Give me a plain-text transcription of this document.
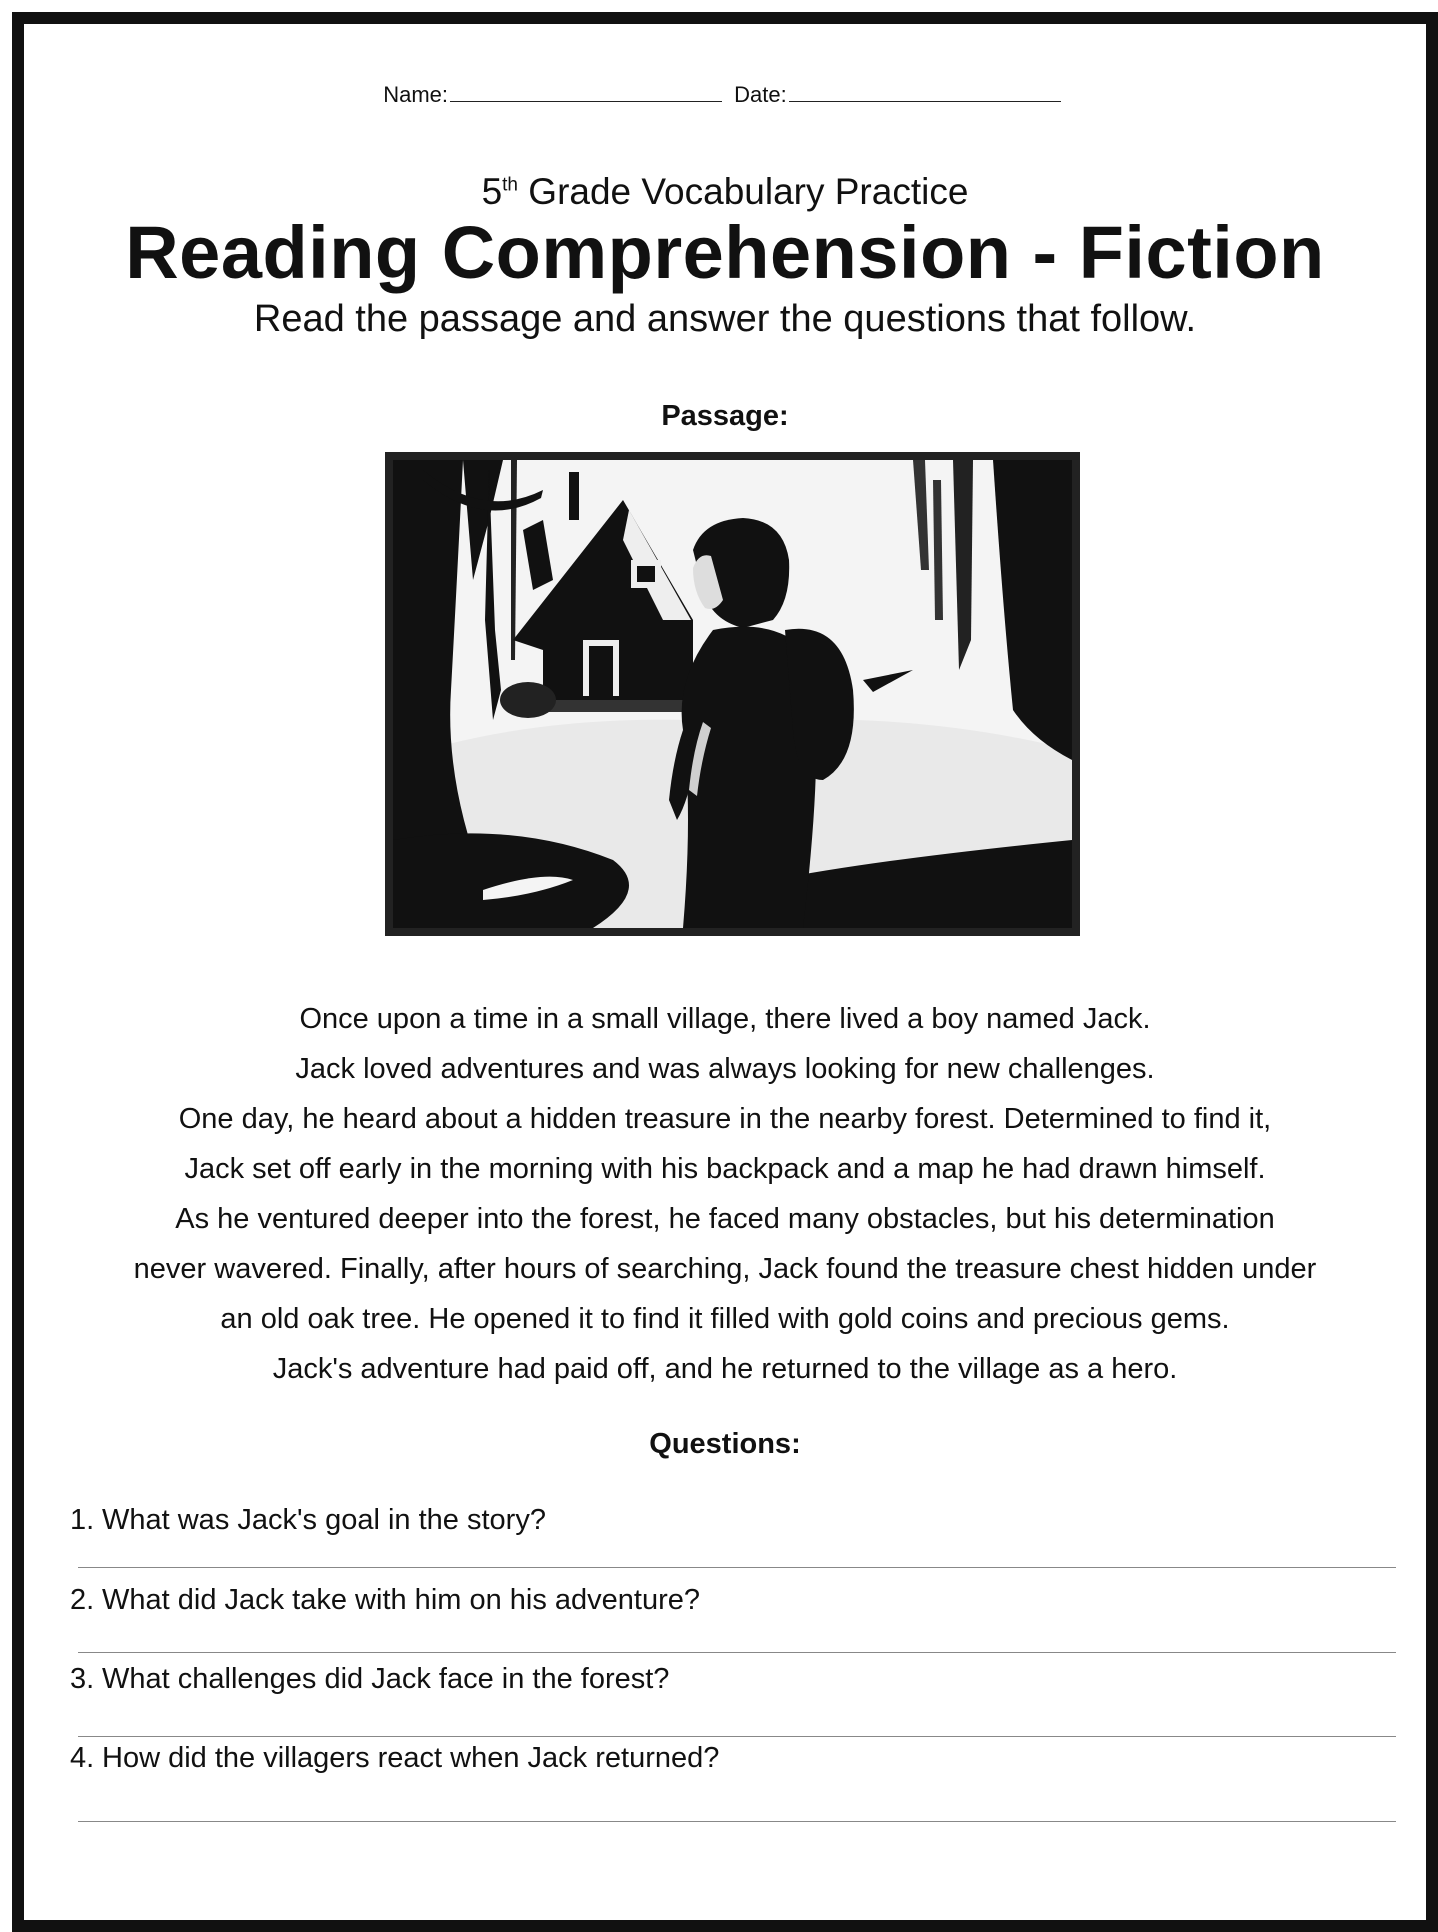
Name:	Date:
5th Grade Vocabulary Practice
Reading Comprehension - Fiction
Read the passage and answer the questions that follow.
Passage:
Once upon a time in a small village, there lived a boy named Jack.
Jack loved adventures and was always looking for new challenges.
One day, he heard about a hidden treasure in the nearby forest. Determined to find it,
Jack set off early in the morning with his backpack and a map he had drawn himself.
As he ventured deeper into the forest, he faced many obstacles, but his determination
never wavered. Finally, after hours of searching, Jack found the treasure chest hidden under
an old oak tree. He opened it to find it filled with gold coins and precious gems.
Jack's adventure had paid off, and he returned to the village as a hero.
Questions:
1. What was Jack's goal in the story?
2. What did Jack take with him on his adventure?
3. What challenges did Jack face in the forest?
4. How did the villagers react when Jack returned?
